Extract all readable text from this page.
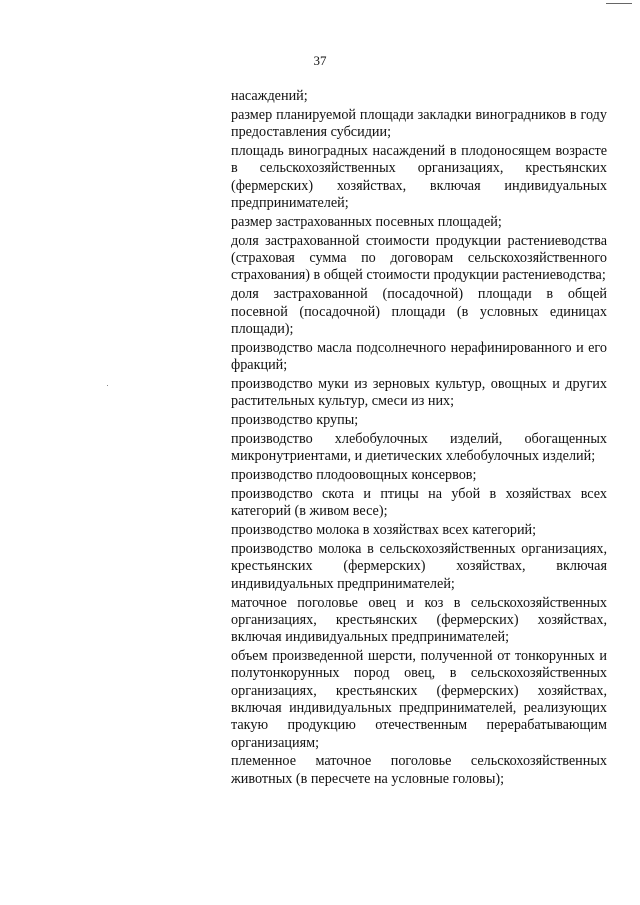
37

насаждений;

размер планируемой площади закладки виноградников в году предоставления субсидии;

площадь виноградных насаждений в плодоносящем возрасте в сельскохозяйственных организациях, крестьянских (фермерских) хозяйствах, включая индивидуальных предпринимателей;

размер застрахованных посевных площадей;

доля застрахованной стоимости продукции растениеводства (страховая сумма по договорам сельскохозяйственного страхования) в общей стоимости продукции растениеводства;

доля застрахованной (посадочной) площади в общей посевной (посадочной) площади (в условных единицах площади);

производство масла подсолнечного нерафинированного и его фракций;

производство муки из зерновых культур, овощных и других растительных культур, смеси из них;

производство крупы;

производство хлебобулочных изделий, обогащенных микронутриентами, и диетических хлебобулочных изделий;

производство плодоовощных консервов;

производство скота и птицы на убой в хозяйствах всех категорий (в живом весе);

производство молока в хозяйствах всех категорий;

производство молока в сельскохозяйственных организациях, крестьянских (фермерских) хозяйствах, включая индивидуальных предпринимателей;

маточное поголовье овец и коз в сельскохозяйственных организациях, крестьянских (фермерских) хозяйствах, включая индивидуальных предпринимателей;

объем произведенной шерсти, полученной от тонкорунных и полутонкорунных пород овец, в сельскохозяйственных организациях, крестьянских (фермерских) хозяйствах, включая индивидуальных предпринимателей, реализующих такую продукцию отечественным перерабатывающим организациям;

племенное маточное поголовье сельскохозяйственных животных (в пересчете на условные головы);
